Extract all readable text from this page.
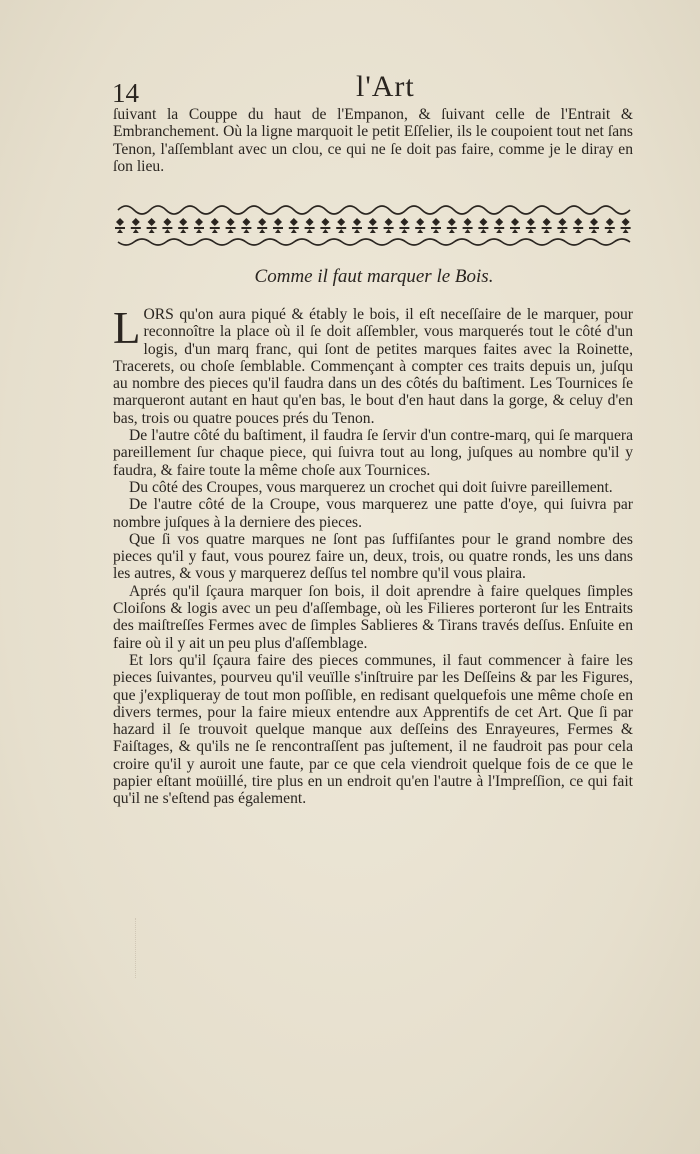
14	l'Art

ſuivant la Couppe du haut de l'Empanon, & ſuivant celle de l'Entrait & Embranchement. Où la ligne marquoit le petit Eſſelier, ils le coupoient tout net ſans Tenon, l'aſſemblant avec un clou, ce qui ne ſe doit pas faire, comme je le diray en ſon lieu.

Comme il faut marquer le Bois.

LORS qu'on aura piqué & étably le bois, il eſt neceſſaire de le marquer, pour reconnoître la place où il ſe doit aſſembler, vous marquerés tout le côté d'un logis, d'un marq franc, qui ſont de petites marques faites avec la Roinette, Tracerets, ou choſe ſemblable. Commençant à compter ces traits depuis un, juſqu au nombre des pieces qu'il faudra dans un des côtés du baſtiment. Les Tournices ſe marqueront autant en haut qu'en bas, le bout d'en haut dans la gorge, & celuy d'en bas, trois ou quatre pouces prés du Tenon.

De l'autre côté du baſtiment, il faudra ſe ſervir d'un contre-marq, qui ſe marquera pareillement ſur chaque piece, qui ſuivra tout au long, juſques au nombre qu'il y faudra, & faire toute la même choſe aux Tournices.

Du côté des Croupes, vous marquerez un crochet qui doit ſuivre pareillement.

De l'autre côté de la Croupe, vous marquerez une patte d'oye, qui ſuivra par nombre juſques à la derniere des pieces.

Que ſi vos quatre marques ne ſont pas ſuffiſantes pour le grand nombre des pieces qu'il y faut, vous pourez faire un, deux, trois, ou quatre ronds, les uns dans les autres, & vous y marquerez deſſus tel nombre qu'il vous plaira.

Aprés qu'il ſçaura marquer ſon bois, il doit aprendre à faire quelques ſimples Cloiſons & logis avec un peu d'aſſembage, où les Filieres porteront ſur les Entraits des maiſtreſſes Fermes avec de ſimples Sablieres & Tirans través deſſus. Enſuite en faire où il y ait un peu plus d'aſſemblage.

Et lors qu'il ſçaura faire des pieces communes, il faut commencer à faire les pieces ſuivantes, pourveu qu'il veuïlle s'inſtruire par les Deſſeins & par les Figures, que j'expliqueray de tout mon poſſible, en redisant quelquefois une même choſe en divers termes, pour la faire mieux entendre aux Apprentifs de cet Art. Que ſi par hazard il ſe trouvoit quelque manque aux deſſeins des Enrayeures, Fermes & Faiſtages, & qu'ils ne ſe rencontraſſent pas juſtement, il ne faudroit pas pour cela croire qu'il y auroit une faute, par ce que cela viendroit quelque fois de ce que le papier eſtant moüillé, tire plus en un endroit qu'en l'autre à l'Impreſſion, ce qui fait qu'il ne s'eſtend pas également.
